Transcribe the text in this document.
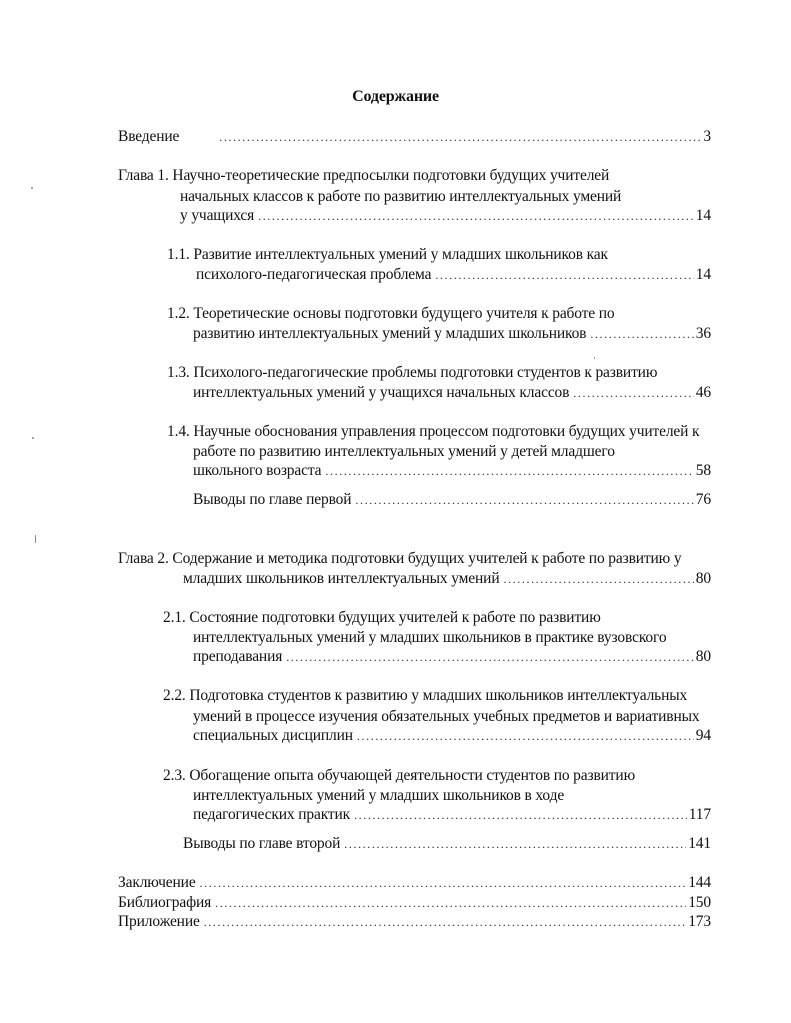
Содержание
Введение .....	3
Глава 1. Научно-теоретические предпосылки подготовки будущих учителей
начальных классов к работе по развитию интеллектуальных умений
у учащихся .....	14
1.1. Развитие интеллектуальных умений у младших школьников как
психолого-педагогическая проблема .....	14
1.2. Теоретические основы подготовки будущего учителя к работе по
развитию интеллектуальных умений у младших школьников .....	36
1.3. Психолого-педагогические проблемы подготовки студентов к развитию
интеллектуальных умений у учащихся начальных классов .....	46
1.4. Научные обоснования управления процессом подготовки будущих учителей к
работе по развитию интеллектуальных умений у детей младшего
школьного возраста .....	58
Выводы по главе первой .....	76
Глава 2. Содержание и методика подготовки будущих учителей к работе по развитию у
младших школьников интеллектуальных умений .....	80
2.1. Состояние подготовки будущих учителей к работе по развитию
интеллектуальных умений у младших школьников в практике вузовского
преподавания .....	80
2.2. Подготовка студентов к развитию у младших школьников интеллектуальных
умений в процессе изучения обязательных учебных предметов и вариативных
специальных дисциплин .....	94
2.3. Обогащение опыта обучающей деятельности студентов по развитию
интеллектуальных умений у младших школьников в ходе
педагогических практик .....	117
Выводы по главе второй .....	141
Заключение .....	144
Библиография .....	150
Приложение .....	173
